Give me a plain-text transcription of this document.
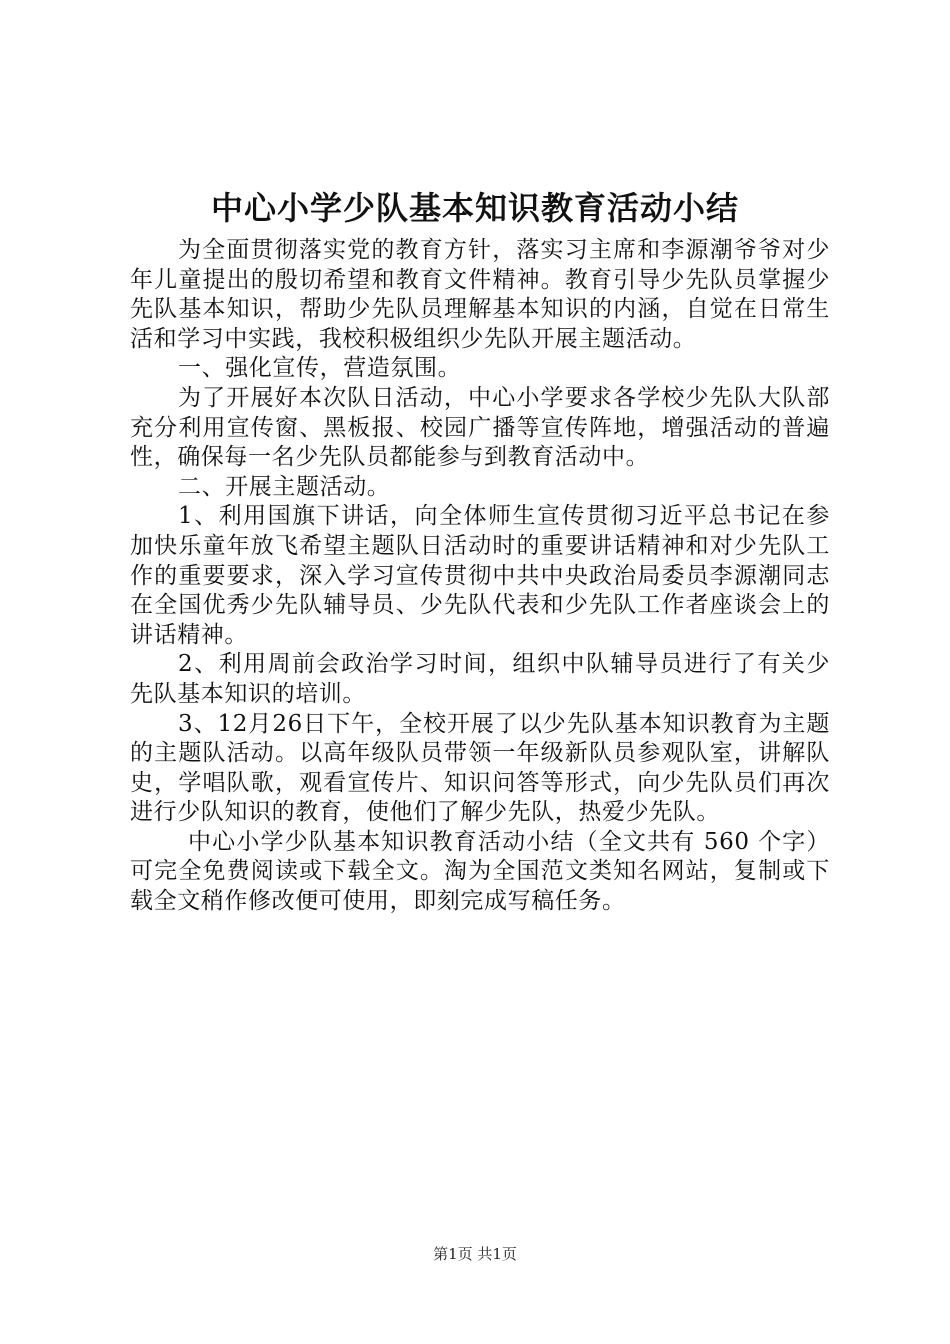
中心小学少队基本知识教育活动小结

为全面贯彻落实党的教育方针，落实习主席和李源潮爷爷对少年儿童提出的殷切希望和教育文件精神。教育引导少先队员掌握少先队基本知识，帮助少先队员理解基本知识的内涵，自觉在日常生活和学习中实践，我校积极组织少先队开展主题活动。

一、强化宣传，营造氛围。

为了开展好本次队日活动，中心小学要求各学校少先队大队部充分利用宣传窗、黑板报、校园广播等宣传阵地，增强活动的普遍性，确保每一名少先队员都能参与到教育活动中。

二、开展主题活动。

1、利用国旗下讲话，向全体师生宣传贯彻习近平总书记在参加快乐童年放飞希望主题队日活动时的重要讲话精神和对少先队工作的重要要求，深入学习宣传贯彻中共中央政治局委员李源潮同志在全国优秀少先队辅导员、少先队代表和少先队工作者座谈会上的讲话精神。

2、利用周前会政治学习时间，组织中队辅导员进行了有关少先队基本知识的培训。

3、12月26日下午，全校开展了以少先队基本知识教育为主题的主题队活动。以高年级队员带领一年级新队员参观队室，讲解队史，学唱队歌，观看宣传片、知识问答等形式，向少先队员们再次进行少队知识的教育，使他们了解少先队，热爱少先队。

中心小学少队基本知识教育活动小结（全文共有 560 个字）可完全免费阅读或下载全文。淘为全国范文类知名网站，复制或下载全文稍作修改便可使用，即刻完成写稿任务。

第1页 共1页
